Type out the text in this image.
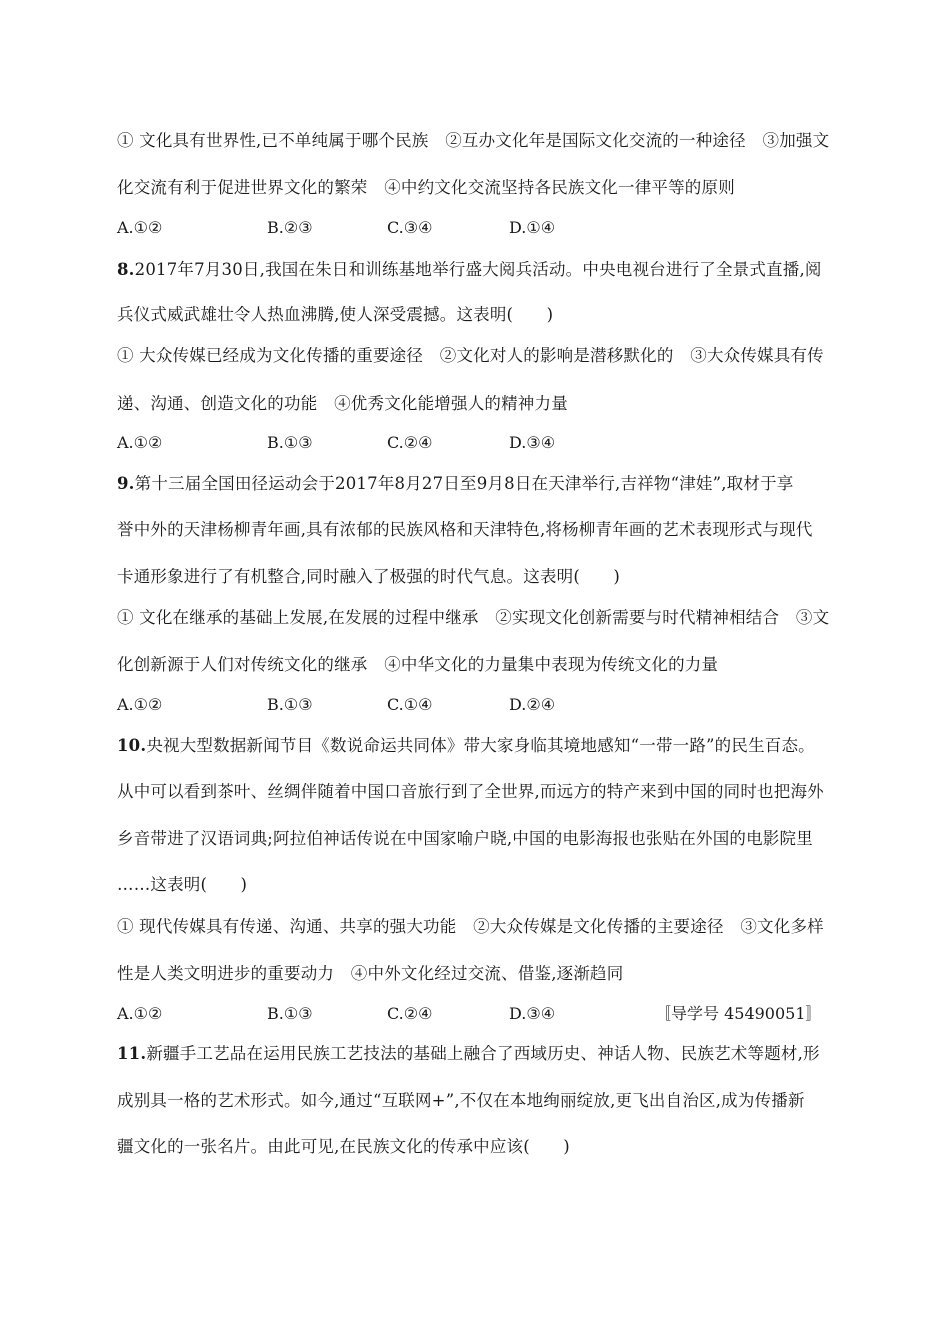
① 文化具有世界性,已不单纯属于哪个民族　②互办文化年是国际文化交流的一种途径　③加强文
化交流有利于促进世界文化的繁荣　④中约文化交流坚持各民族文化一律平等的原则
A.①②	B.②③	C.③④	D.①④
8.2017年7月30日,我国在朱日和训练基地举行盛大阅兵活动。中央电视台进行了全景式直播,阅
兵仪式威武雄壮令人热血沸腾,使人深受震撼。这表明(　　)
① 大众传媒已经成为文化传播的重要途径　②文化对人的影响是潜移默化的　③大众传媒具有传
递、沟通、创造文化的功能　④优秀文化能增强人的精神力量
A.①②	B.①③	C.②④	D.③④
9.第十三届全国田径运动会于2017年8月27日至9月8日在天津举行,吉祥物“津娃”,取材于享
誉中外的天津杨柳青年画,具有浓郁的民族风格和天津特色,将杨柳青年画的艺术表现形式与现代
卡通形象进行了有机整合,同时融入了极强的时代气息。这表明(　　)
① 文化在继承的基础上发展,在发展的过程中继承　②实现文化创新需要与时代精神相结合　③文
化创新源于人们对传统文化的继承　④中华文化的力量集中表现为传统文化的力量
A.①②	B.①③	C.①④	D.②④
10.央视大型数据新闻节目《数说命运共同体》带大家身临其境地感知“一带一路”的民生百态。
从中可以看到茶叶、丝绸伴随着中国口音旅行到了全世界,而远方的特产来到中国的同时也把海外
乡音带进了汉语词典;阿拉伯神话传说在中国家喻户晓,中国的电影海报也张贴在外国的电影院里
……这表明(　　)
① 现代传媒具有传递、沟通、共享的强大功能　②大众传媒是文化传播的主要途径　③文化多样
性是人类文明进步的重要动力　④中外文化经过交流、借鉴,逐渐趋同
A.①②	B.①③	C.②④	D.③④	〚导学号 45490051〛
11.新疆手工艺品在运用民族工艺技法的基础上融合了西域历史、神话人物、民族艺术等题材,形
成别具一格的艺术形式。如今,通过“互联网+”,不仅在本地绚丽绽放,更飞出自治区,成为传播新
疆文化的一张名片。由此可见,在民族文化的传承中应该(　　)
